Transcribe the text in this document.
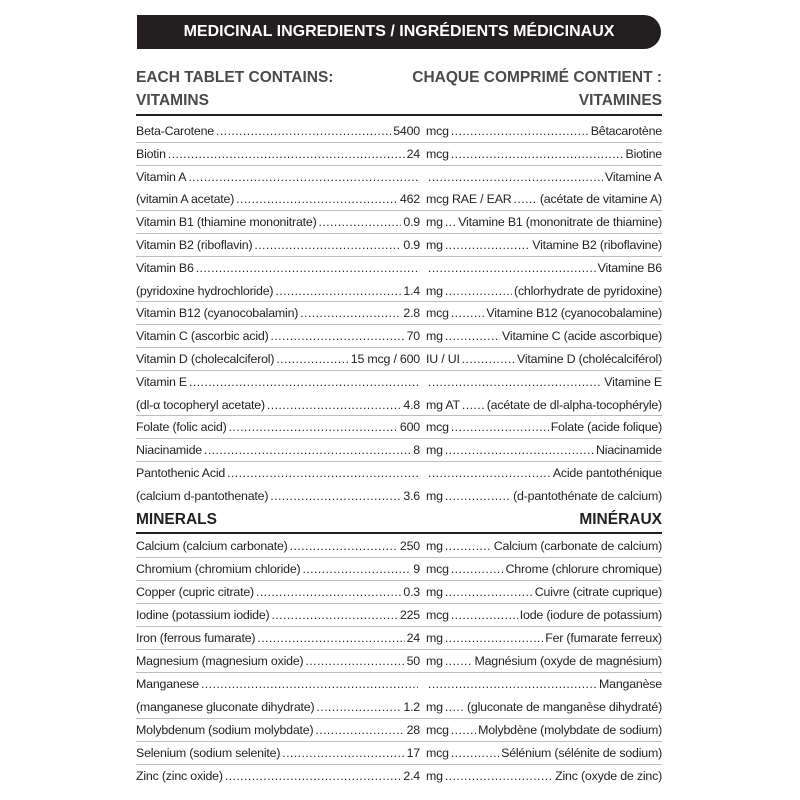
MEDICINAL INGREDIENTS / INGRÉDIENTS MÉDICINAUX
EACH TABLET CONTAINS:
VITAMINS
CHAQUE COMPRIMÉ CONTIENT :
VITAMINES
Beta-Carotene .....	5400 mcg .....	Bêtacarotène
Biotin .....	24 mcg .....	Biotine
Vitamin A ..... .....	Vitamine A
(vitamin A acetate) .....	462 mcg RAE / EAR ..... (acétate de vitamine A)
Vitamin B1 (thiamine mononitrate) .....	0.9 mg ..... Vitamine B1 (mononitrate de thiamine)
Vitamin B2 (riboflavin) .....	0.9 mg .....	Vitamine B2 (riboflavine)
Vitamin B6 ..... .....	Vitamine B6
(pyridoxine hydrochloride) .....	1.4 mg .....	(chlorhydrate de pyridoxine)
Vitamin B12 (cyanocobalamin) .....	2.8 mcg .....	Vitamine B12 (cyanocobalamine)
Vitamin C (ascorbic acid) .....	70 mg .....	Vitamine C (acide ascorbique)
Vitamin D (cholecalciferol) .....	15 mcg / 600 IU / UI .....	Vitamine D (cholécalciférol)
Vitamin E ..... .....	Vitamine E
(dl-α tocopheryl acetate) .....	4.8 mg AT ..... (acétate de dl-alpha-tocophéryle)
Folate (folic acid) .....	600 mcg .....	Folate (acide folique)
Niacinamide .....	8 mg .....	Niacinamide
Pantothenic Acid ..... .....	Acide pantothénique
(calcium d-pantothenate) .....	3.6 mg .....	(d-pantothénate de calcium)
MINERALS	MINÉRAUX
Calcium (calcium carbonate) .....	250 mg .....	Calcium (carbonate de calcium)
Chromium (chromium chloride) .....	9 mcg .....	Chrome (chlorure chromique)
Copper (cupric citrate) .....	0.3 mg .....	Cuivre (citrate cuprique)
Iodine (potassium iodide) .....	225 mcg .....	Iode (iodure de potassium)
Iron (ferrous fumarate) .....	24 mg .....	Fer (fumarate ferreux)
Magnesium (magnesium oxide) .....	50 mg .....	Magnésium (oxyde de magnésium)
Manganese ..... .....	Manganèse
(manganese gluconate dihydrate) .....	1.2 mg ..... (gluconate de manganèse dihydraté)
Molybdenum (sodium molybdate) .....	28 mcg ..... Molybdène (molybdate de sodium)
Selenium (sodium selenite) .....	17 mcg .....	Sélénium (sélénite de sodium)
Zinc (zinc oxide) .....	2.4 mg .....	Zinc (oxyde de zinc)
